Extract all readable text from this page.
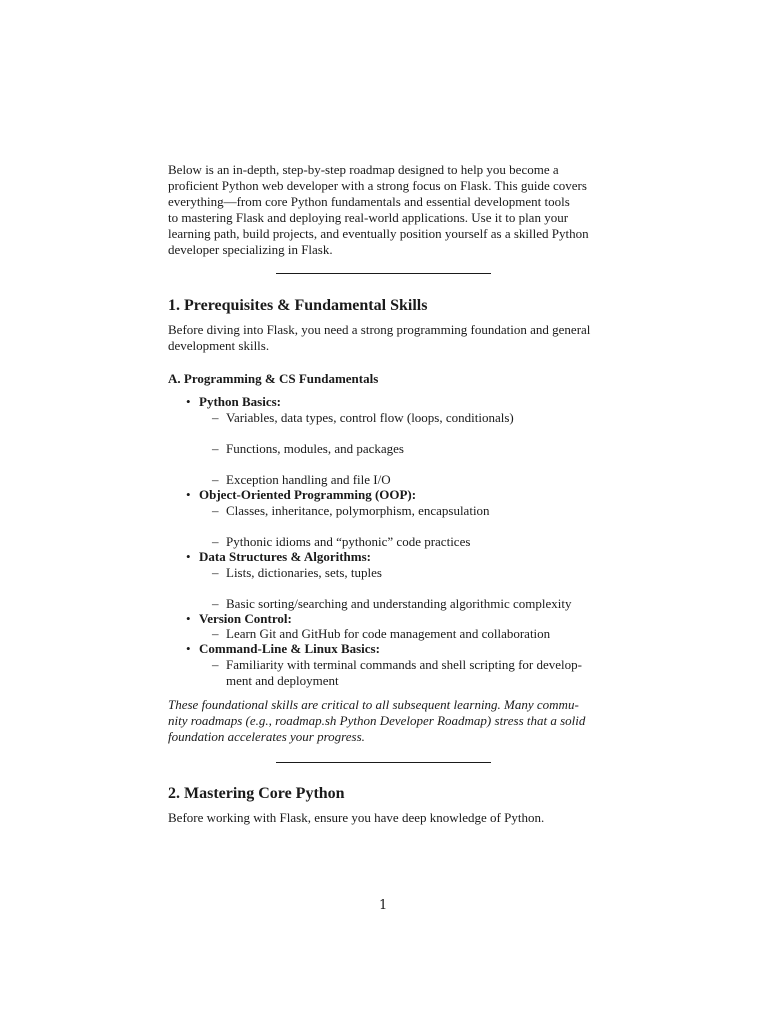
Below is an in-depth, step-by-step roadmap designed to help you become a
proficient Python web developer with a strong focus on Flask. This guide covers
everything—from core Python fundamentals and essential development tools
to mastering Flask and deploying real-world applications. Use it to plan your
learning path, build projects, and eventually position yourself as a skilled Python
developer specializing in Flask.
1. Prerequisites & Fundamental Skills
Before diving into Flask, you need a strong programming foundation and general
development skills.
A. Programming & CS Fundamentals
• Python Basics:
– Variables, data types, control flow (loops, conditionals)
– Functions, modules, and packages
– Exception handling and file I/O
• Object-Oriented Programming (OOP):
– Classes, inheritance, polymorphism, encapsulation
– Pythonic idioms and “pythonic” code practices
• Data Structures & Algorithms:
– Lists, dictionaries, sets, tuples
– Basic sorting/searching and understanding algorithmic complexity
• Version Control:
– Learn Git and GitHub for code management and collaboration
• Command-Line & Linux Basics:
– Familiarity with terminal commands and shell scripting for develop-
ment and deployment
These foundational skills are critical to all subsequent learning. Many commu-
nity roadmaps (e.g., roadmap.sh Python Developer Roadmap) stress that a solid
foundation accelerates your progress.
2. Mastering Core Python
Before working with Flask, ensure you have deep knowledge of Python.
1
